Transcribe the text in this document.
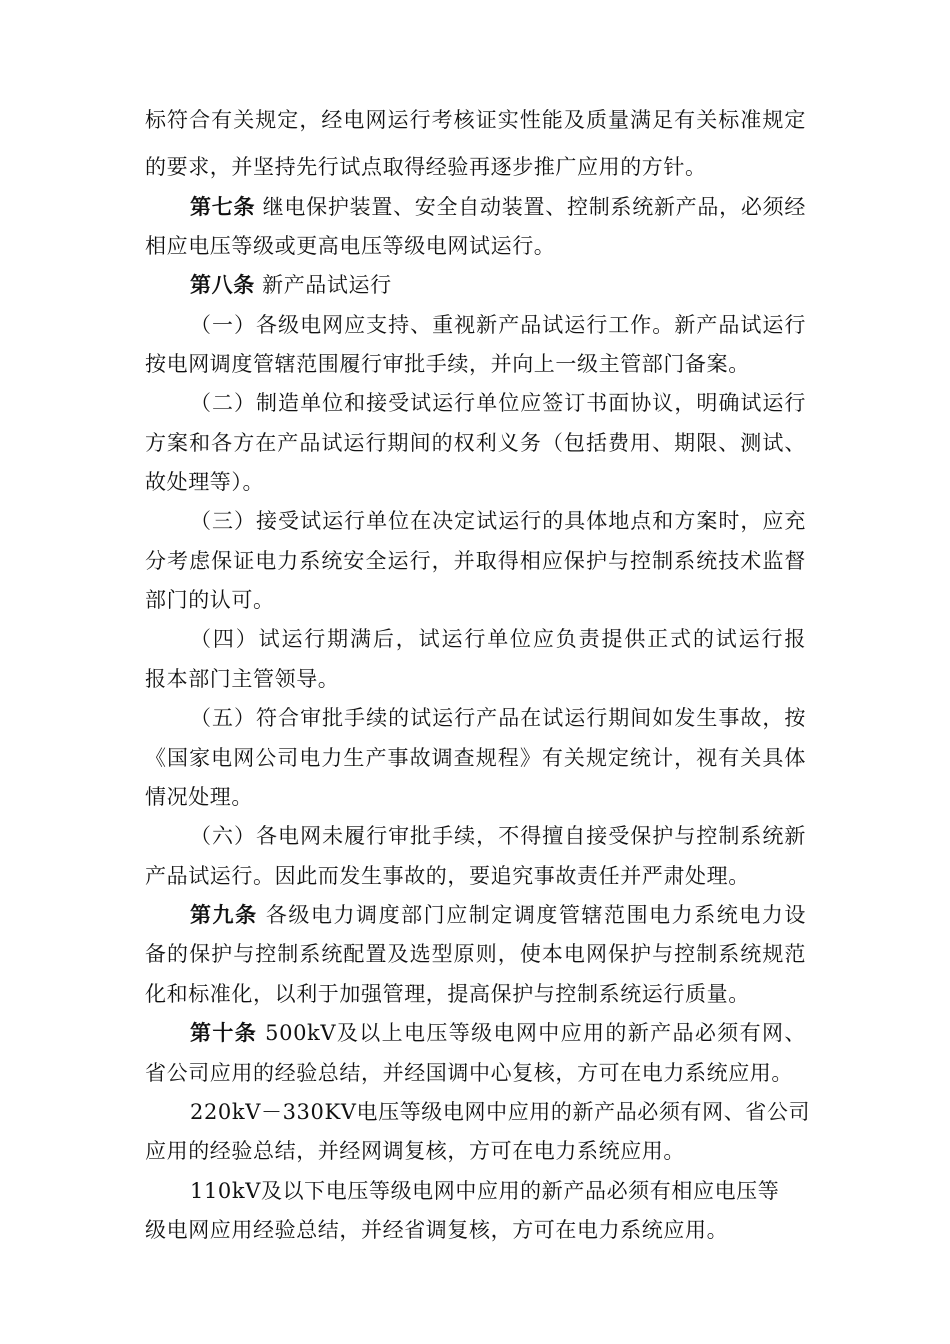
标符合有关规定，经电网运行考核证实性能及质量满足有关标准规定
的要求，并坚持先行试点取得经验再逐步推广应用的方针。
第七条 继电保护装置、安全自动装置、控制系统新产品，必须经
相应电压等级或更高电压等级电网试运行。
第八条 新产品试运行
（一）各级电网应支持、重视新产品试运行工作。新产品试运行
按电网调度管辖范围履行审批手续，并向上一级主管部门备案。
（二）制造单位和接受试运行单位应签订书面协议，明确试运行
方案和各方在产品试运行期间的权利义务（包括费用、期限、测试、
故处理等）。
（三）接受试运行单位在决定试运行的具体地点和方案时，应充
分考虑保证电力系统安全运行，并取得相应保护与控制系统技术监督
部门的认可。
（四）试运行期满后，试运行单位应负责提供正式的试运行报
报本部门主管领导。
（五）符合审批手续的试运行产品在试运行期间如发生事故，按
《国家电网公司电力生产事故调查规程》有关规定统计，视有关具体
情况处理。
（六）各电网未履行审批手续，不得擅自接受保护与控制系统新
产品试运行。因此而发生事故的，要追究事故责任并严肃处理。
第九条 各级电力调度部门应制定调度管辖范围电力系统电力设
备的保护与控制系统配置及选型原则，使本电网保护与控制系统规范
化和标准化，以利于加强管理，提高保护与控制系统运行质量。
第十条 500kV及以上电压等级电网中应用的新产品必须有网、
省公司应用的经验总结，并经国调中心复核，方可在电力系统应用。
220kV－330KV电压等级电网中应用的新产品必须有网、省公司
应用的经验总结，并经网调复核，方可在电力系统应用。
110kV及以下电压等级电网中应用的新产品必须有相应电压等
级电网应用经验总结，并经省调复核，方可在电力系统应用。
